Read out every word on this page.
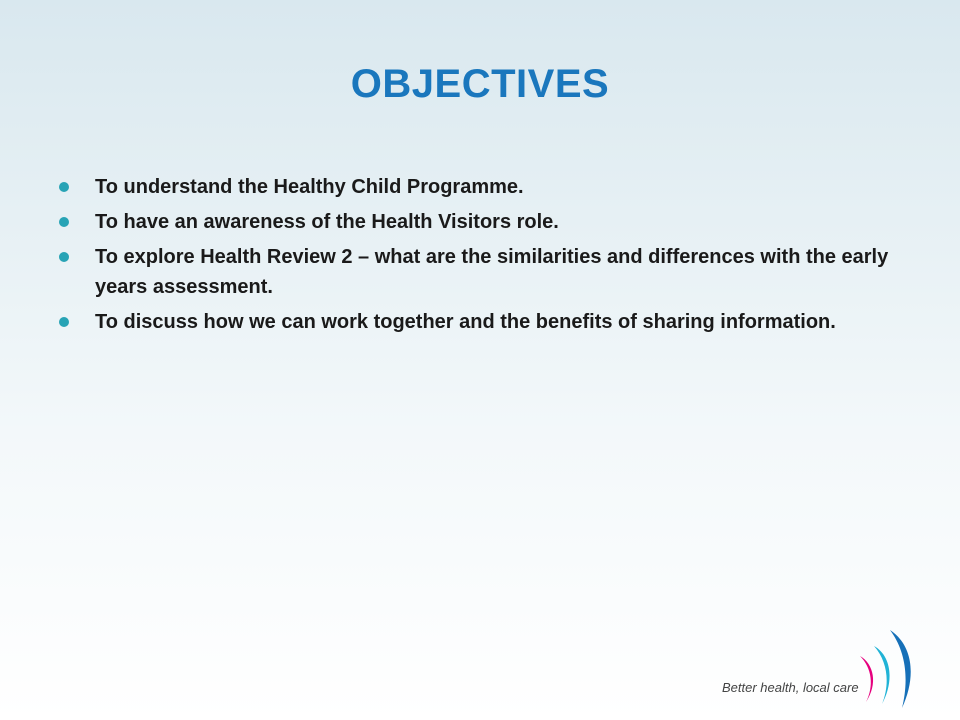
OBJECTIVES
To understand the Healthy Child Programme.
To have an awareness of the Health Visitors role.
To explore Health Review 2 – what are the similarities and differences with the early years assessment.
To discuss how we can work together and the benefits of sharing information.
Better health, local care
